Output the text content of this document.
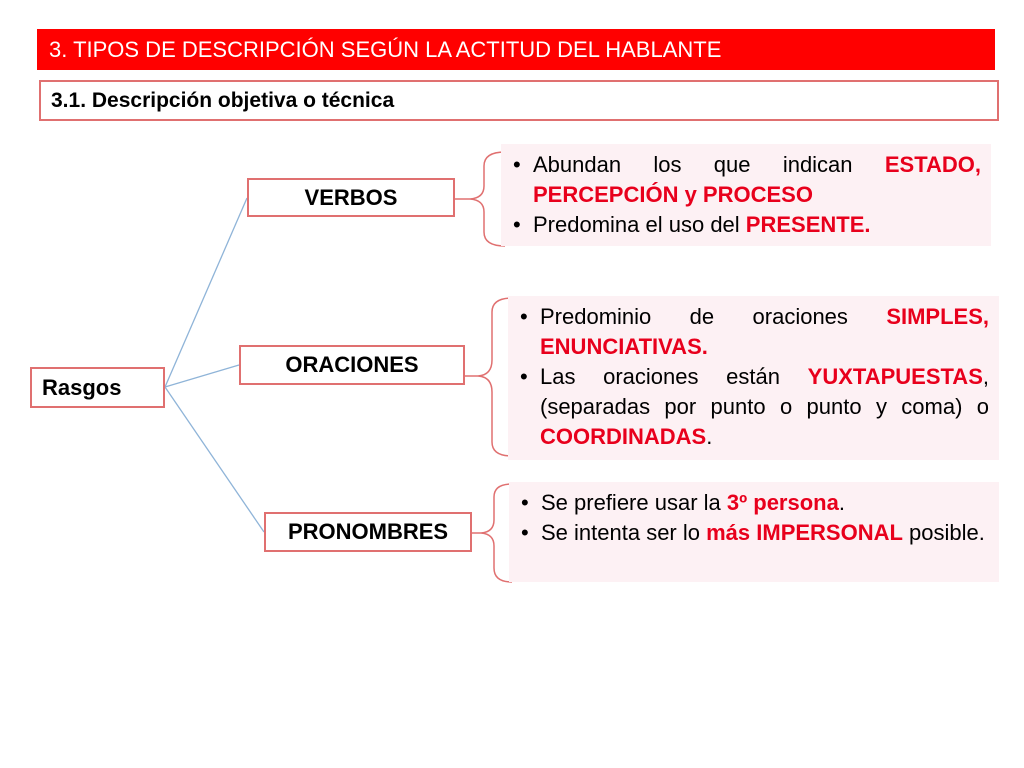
3. TIPOS DE DESCRIPCIÓN SEGÚN LA ACTITUD DEL HABLANTE
3.1. Descripción objetiva o técnica
Rasgos
VERBOS
ORACIONES
PRONOMBRES
• Abundan los que indican ESTADO, PERCEPCIÓN y PROCESO
• Predomina el uso del PRESENTE.
• Predominio de oraciones SIMPLES, ENUNCIATIVAS.
• Las oraciones están YUXTAPUESTAS, (separadas por punto o punto y coma) o COORDINADAS.
• Se prefiere usar la 3º persona.
• Se intenta ser lo más IMPERSONAL posible.
